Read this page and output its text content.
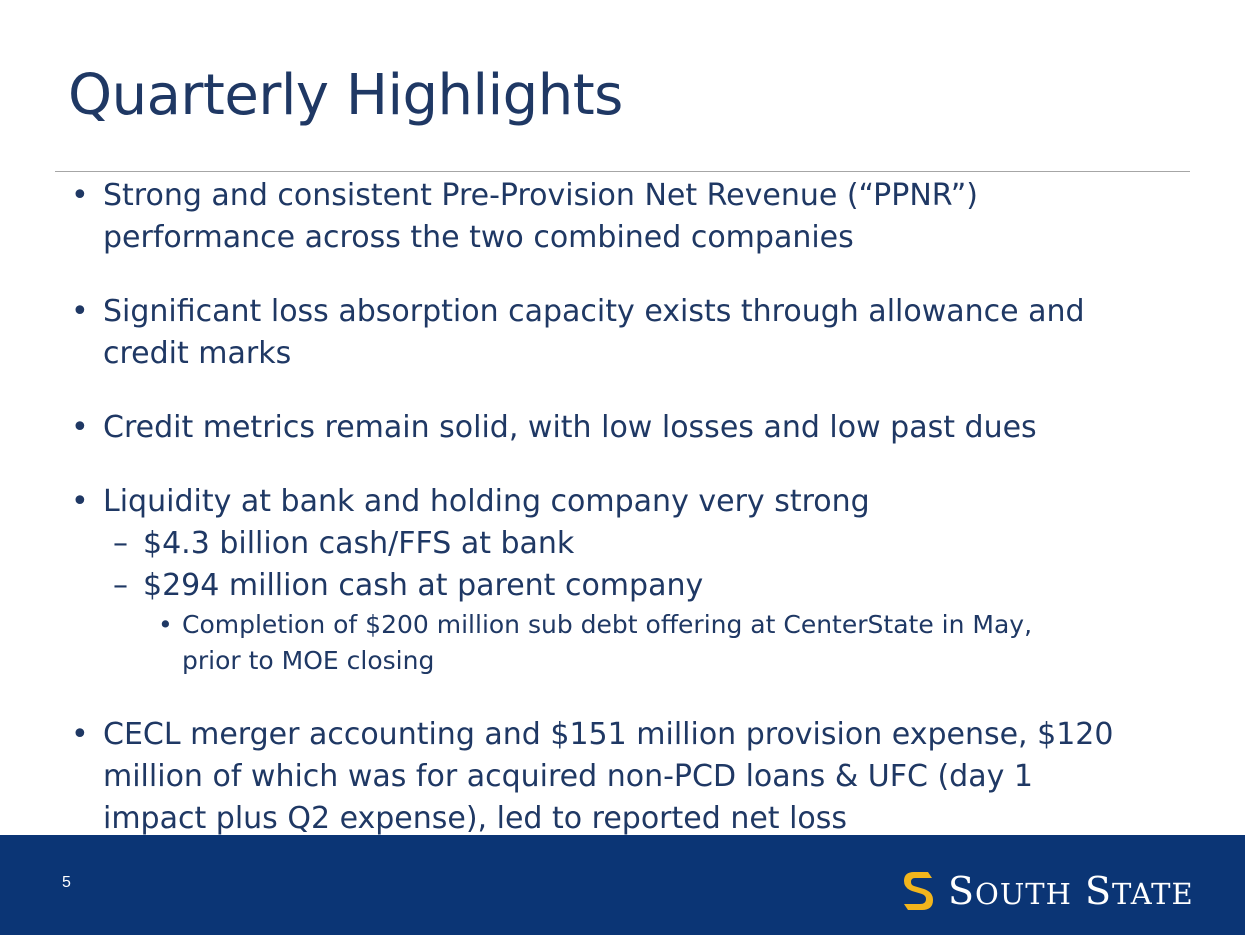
Quarterly Highlights
• Strong and consistent Pre-Provision Net Revenue (“PPNR”)
performance across the two combined companies
• Significant loss absorption capacity exists through allowance and
credit marks
• Credit metrics remain solid, with low losses and low past dues
• Liquidity at bank and holding company very strong
– $4.3 billion cash/FFS at bank
– $294 million cash at parent company
• Completion of $200 million sub debt offering at CenterState in May,
prior to MOE closing
• CECL merger accounting and $151 million provision expense, $120
million of which was for acquired non-PCD loans & UFC (day 1
impact plus Q2 expense), led to reported net loss
5	SOUTH STATE
